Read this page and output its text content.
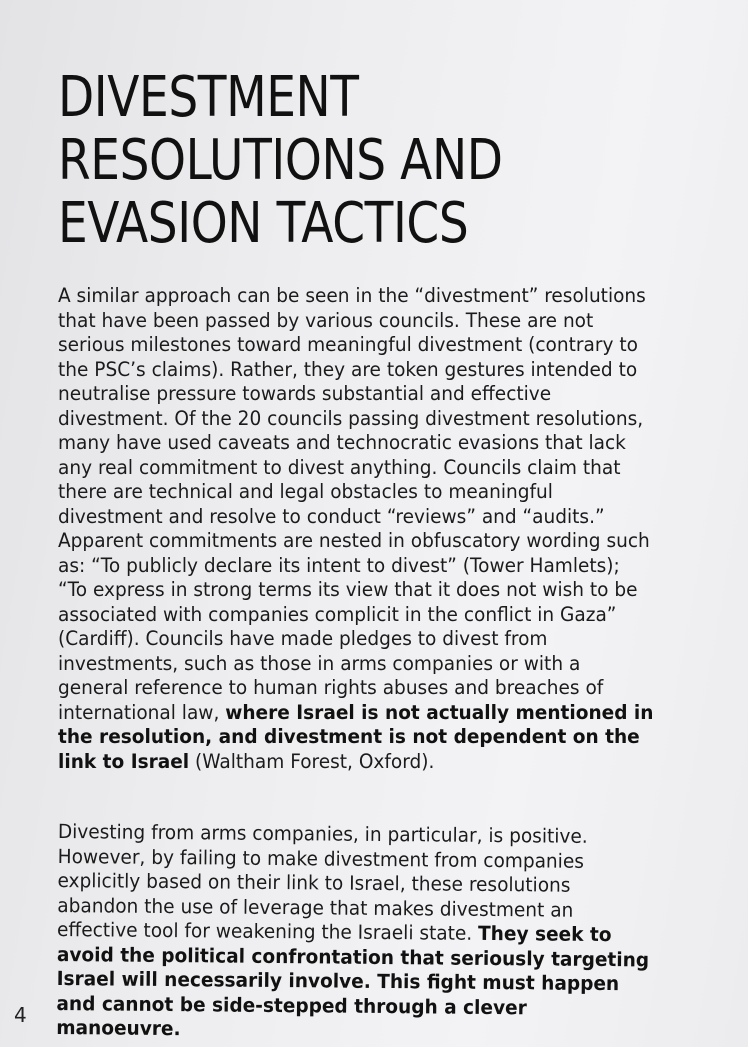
DIVESTMENT
RESOLUTIONS AND
EVASION TACTICS

A similar approach can be seen in the “divestment” resolutions that have been passed by various councils. These are not serious milestones toward meaningful divestment (contrary to the PSC’s claims). Rather, they are token gestures intended to neutralise pressure towards substantial and effective divestment. Of the 20 councils passing divestment resolutions, many have used caveats and technocratic evasions that lack any real commitment to divest anything. Councils claim that there are technical and legal obstacles to meaningful divestment and resolve to conduct “reviews” and “audits.” Apparent commitments are nested in obfuscatory wording such as: “To publicly declare its intent to divest” (Tower Hamlets); “To express in strong terms its view that it does not wish to be associated with companies complicit in the conflict in Gaza” (Cardiff). Councils have made pledges to divest from investments, such as those in arms companies or with a general reference to human rights abuses and breaches of international law, where Israel is not actually mentioned in the resolution, and divestment is not dependent on the link to Israel (Waltham Forest, Oxford).

Divesting from arms companies, in particular, is positive. However, by failing to make divestment from companies explicitly based on their link to Israel, these resolutions abandon the use of leverage that makes divestment an effective tool for weakening the Israeli state. They seek to avoid the political confrontation that seriously targeting Israel will necessarily involve. This fight must happen and cannot be side-stepped through a clever manoeuvre.

4
